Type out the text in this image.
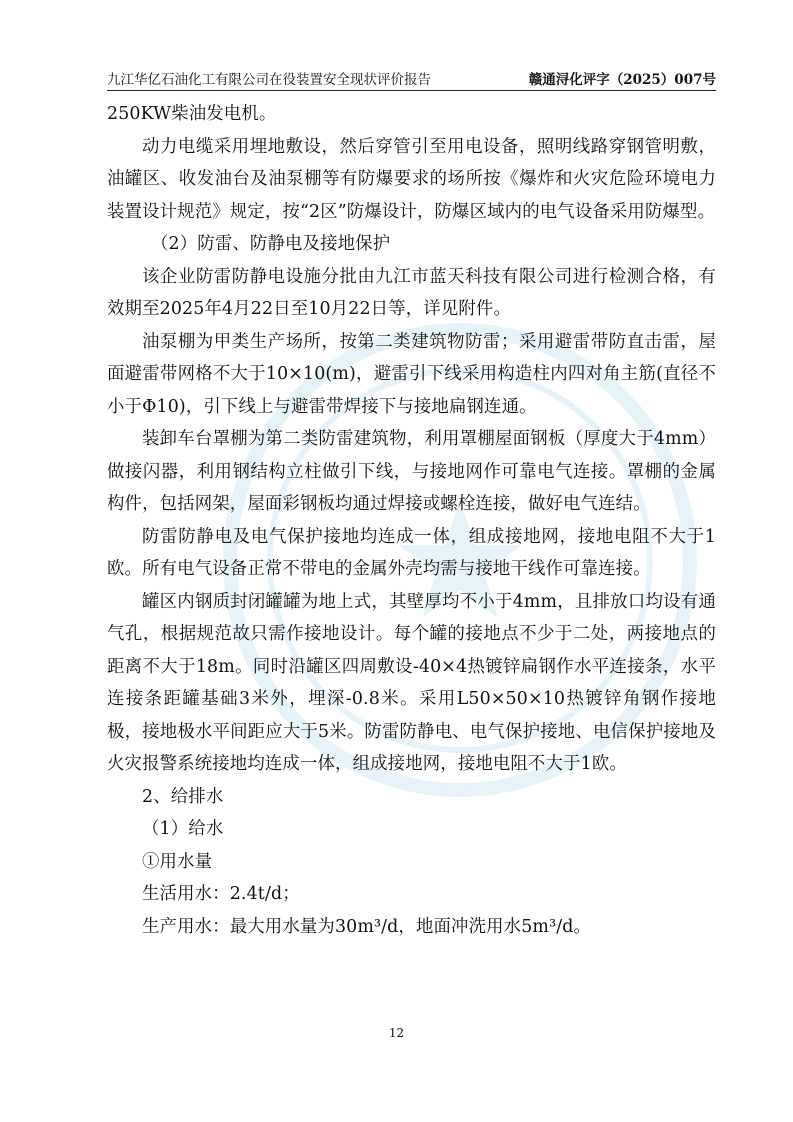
九江华亿石油化工有限公司在役装置安全现状评价报告	赣通浔化评字（2025）007号

250KW柴油发电机。

动力电缆采用埋地敷设，然后穿管引至用电设备，照明线路穿钢管明敷，油罐区、收发油台及油泵棚等有防爆要求的场所按《爆炸和火灾危险环境电力装置设计规范》规定，按“2区”防爆设计，防爆区域内的电气设备采用防爆型。

（2）防雷、防静电及接地保护

该企业防雷防静电设施分批由九江市蓝天科技有限公司进行检测合格，有效期至2025年4月22日至10月22日等，详见附件。

油泵棚为甲类生产场所，按第二类建筑物防雷；采用避雷带防直击雷，屋面避雷带网格不大于10×10(m)，避雷引下线采用构造柱内四对角主筋(直径不小于Φ10)，引下线上与避雷带焊接下与接地扁钢连通。

装卸车台罩棚为第二类防雷建筑物，利用罩棚屋面钢板（厚度大于4mm）做接闪器，利用钢结构立柱做引下线，与接地网作可靠电气连接。罩棚的金属构件，包括网架，屋面彩钢板均通过焊接或螺栓连接，做好电气连结。

防雷防静电及电气保护接地均连成一体，组成接地网，接地电阻不大于1欧。所有电气设备正常不带电的金属外壳均需与接地干线作可靠连接。

罐区内钢质封闭罐罐为地上式，其壁厚均不小于4mm，且排放口均设有通气孔，根据规范故只需作接地设计。每个罐的接地点不少于二处，两接地点的距离不大于18m。同时沿罐区四周敷设-40×4热镀锌扁钢作水平连接条，水平连接条距罐基础3米外，埋深-0.8米。采用L50×50×10热镀锌角钢作接地极，接地极水平间距应大于5米。防雷防静电、电气保护接地、电信保护接地及火灾报警系统接地均连成一体，组成接地网，接地电阻不大于1欧。

2、给排水

（1）给水

①用水量

生活用水：2.4t/d；

生产用水：最大用水量为30m³/d，地面冲洗用水5m³/d。

12
